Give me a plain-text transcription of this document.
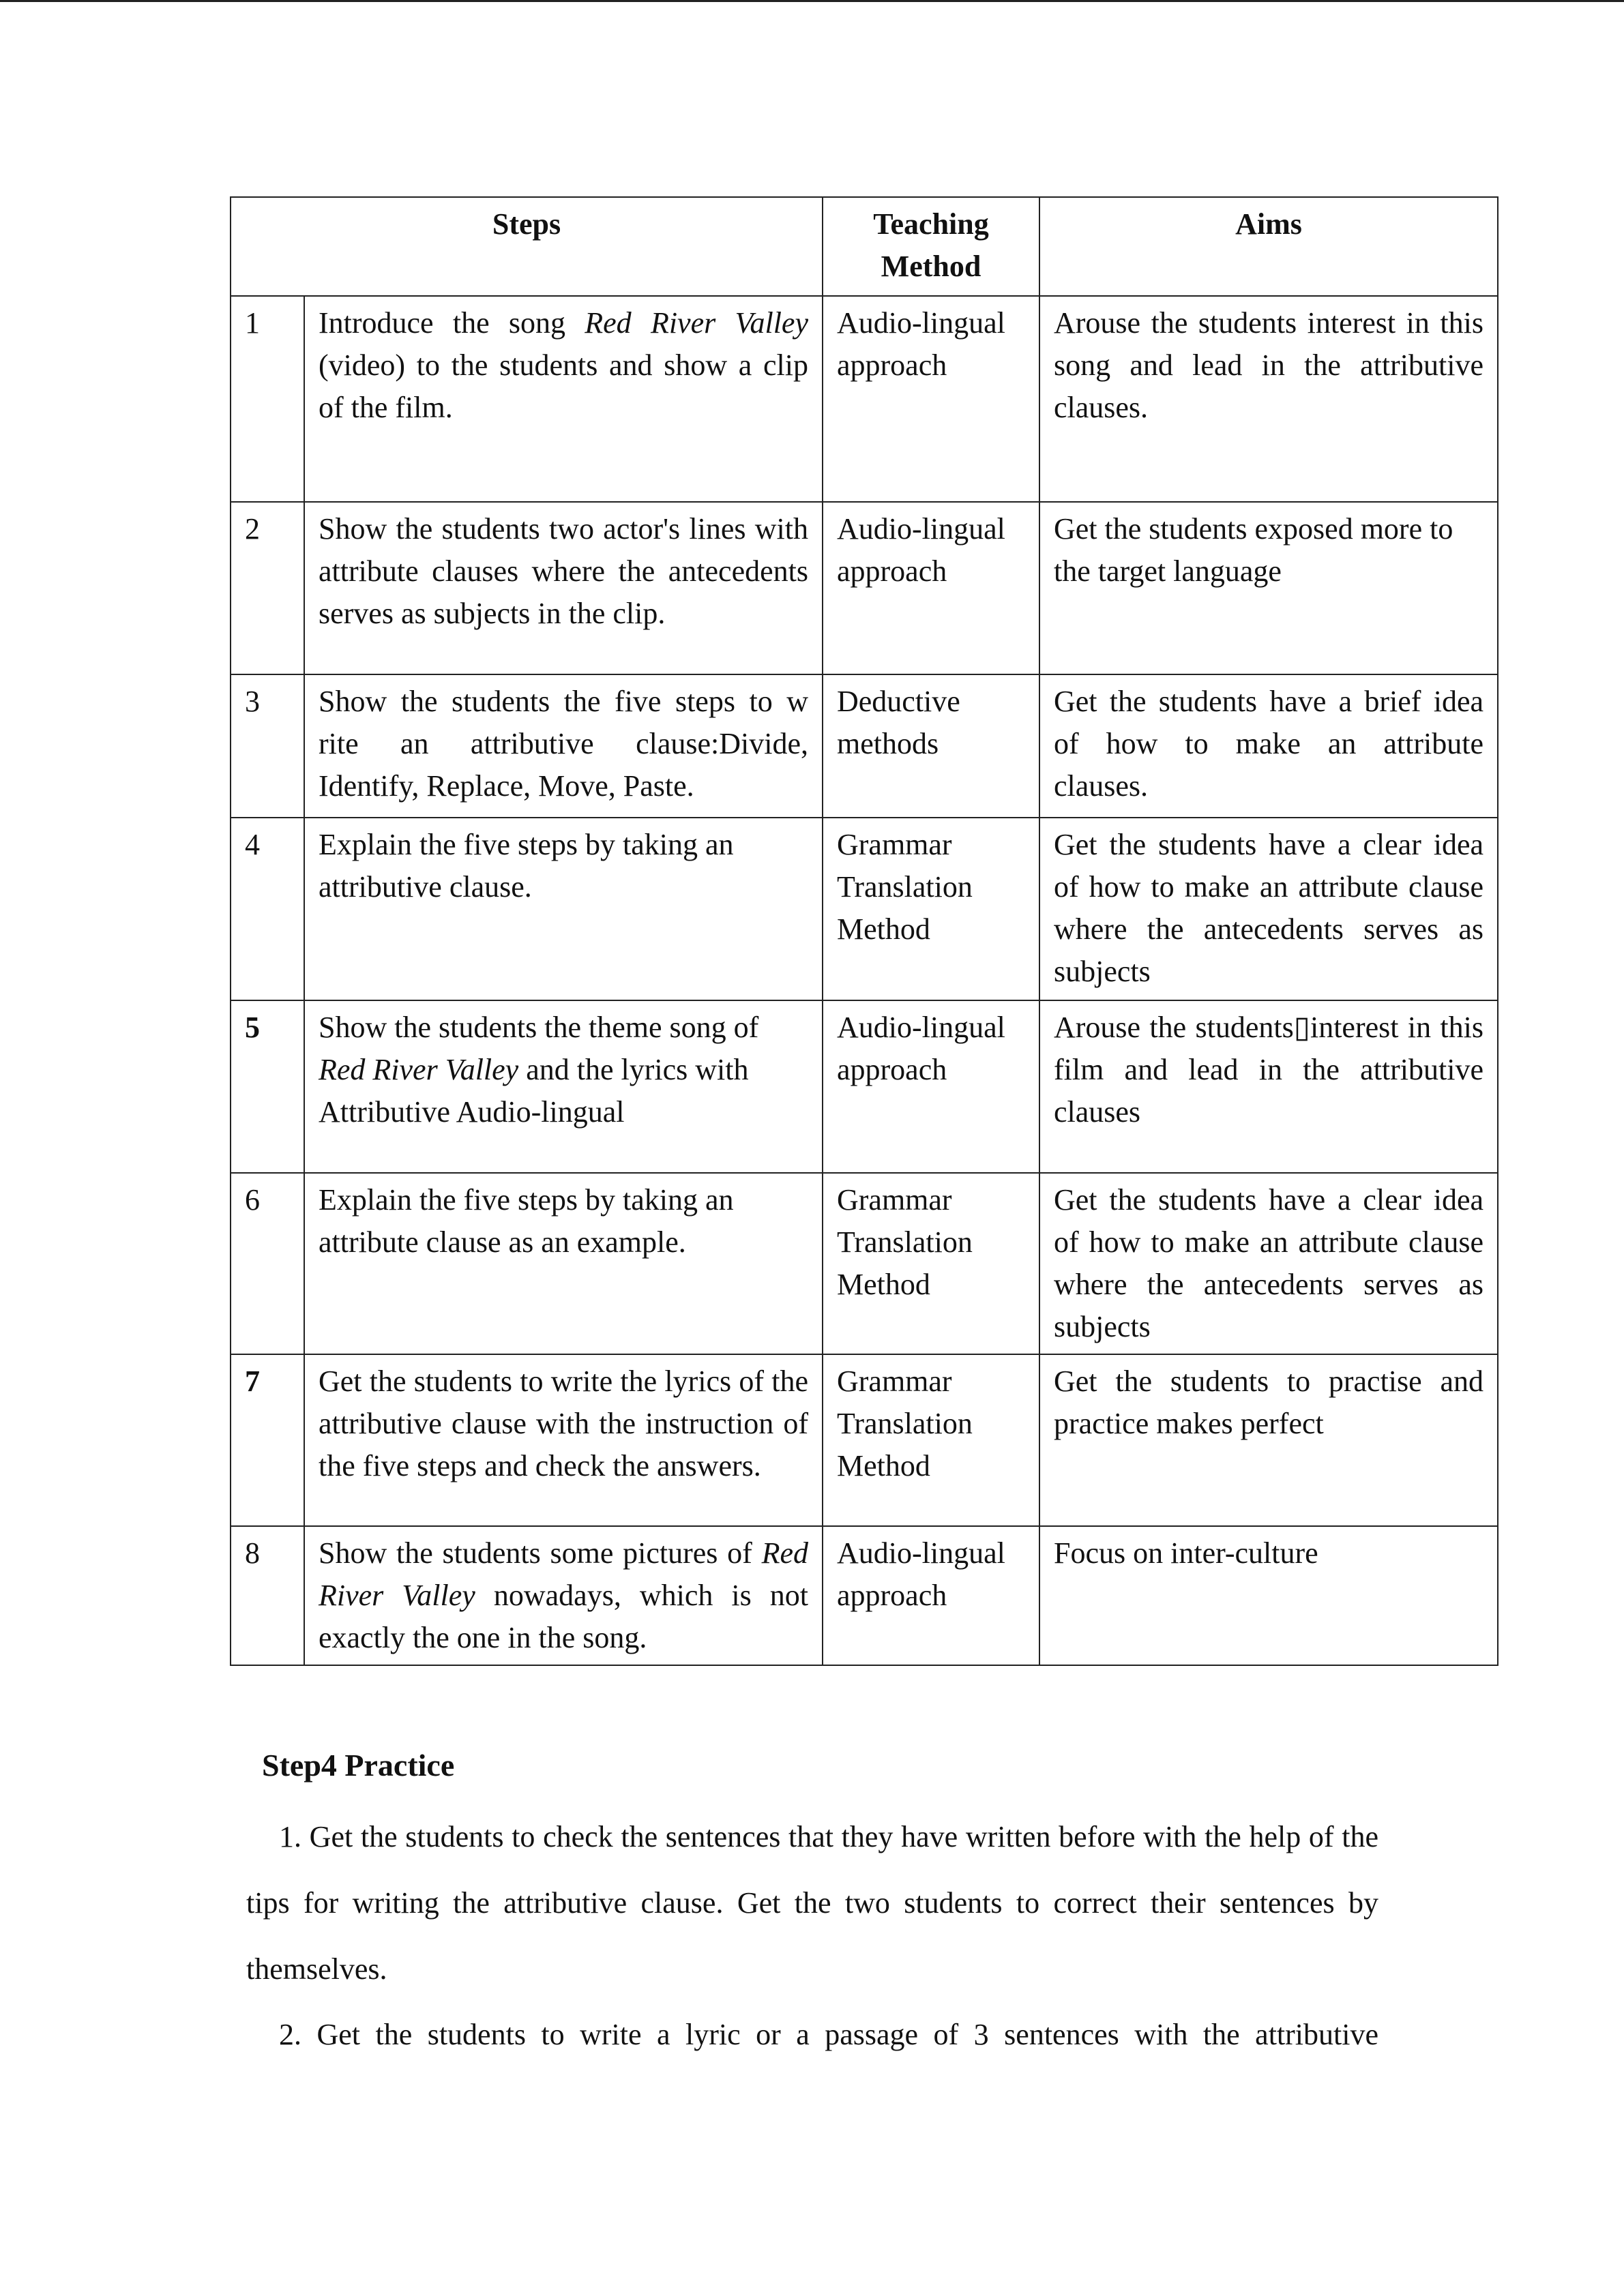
Steps		Teaching Method	Aims
1	Introduce the song Red River Valley (video) to the students and show a clip of the film.	Audio-lingual approach	Arouse the students interest in this song and lead in the attributive clauses.
2	Show the students two actor's lines with attribute clauses where the antecedents serves as subjects in the clip.	Audio-lingual approach	Get the students exposed more to the target language
3	Show the students the five steps to w rite an attributive clause:Divide, Identify, Replace, Move, Paste.	Deductive methods	Get the students have a brief idea of how to make an attribute clauses.
4	Explain the five steps by taking an attributive clause.	Grammar Translation Method	Get the students have a clear idea of how to make an attribute clause where the antecedents serves as subjects
5	Show the students the theme song of Red River Valley and the lyrics with Attributive Audio-lingual	Audio-lingual approach	Arouse the students▯interest in this film and lead in the attributive clauses
6	Explain the five steps by taking an attribute clause as an example.	Grammar Translation Method	Get the students have a clear idea of how to make an attribute clause where the antecedents serves as subjects
7	Get the students to write the lyrics of the attributive clause with the instruction of the five steps and check the answers.	Grammar Translation Method	Get the students to practise and practice makes perfect
8	Show the students some pictures of Red River Valley nowadays, which is not exactly the one in the song.	Audio-lingual approach	Focus on inter-culture
Step4 Practice
1. Get the students to check the sentences that they have written before with the help of the tips for writing the attributive clause. Get the two students to correct their sentences by themselves.
2. Get the students to write a lyric or a passage of 3 sentences with the attributive
